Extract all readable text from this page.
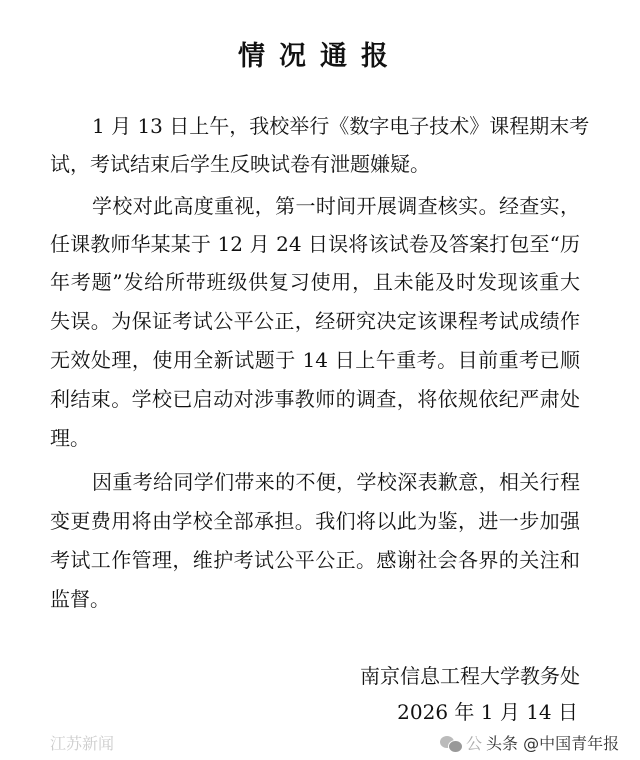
情况通报
1 月 13 日上午，我校举行《数字电子技术》课程期末考
试，考试结束后学生反映试卷有泄题嫌疑。
学校对此高度重视，第一时间开展调查核实。经查实，
任课教师华某某于 12 月 24 日误将该试卷及答案打包至“历
年考题”发给所带班级供复习使用，且未能及时发现该重大
失误。为保证考试公平公正，经研究决定该课程考试成绩作
无效处理，使用全新试题于 14 日上午重考。目前重考已顺
利结束。学校已启动对涉事教师的调查，将依规依纪严肃处
理。
因重考给同学们带来的不便，学校深表歉意，相关行程
变更费用将由学校全部承担。我们将以此为鉴，进一步加强
考试工作管理，维护考试公平公正。感谢社会各界的关注和
监督。
南京信息工程大学教务处
2026 年 1 月 14 日
江苏新闻	公 头条 @中国青年报
